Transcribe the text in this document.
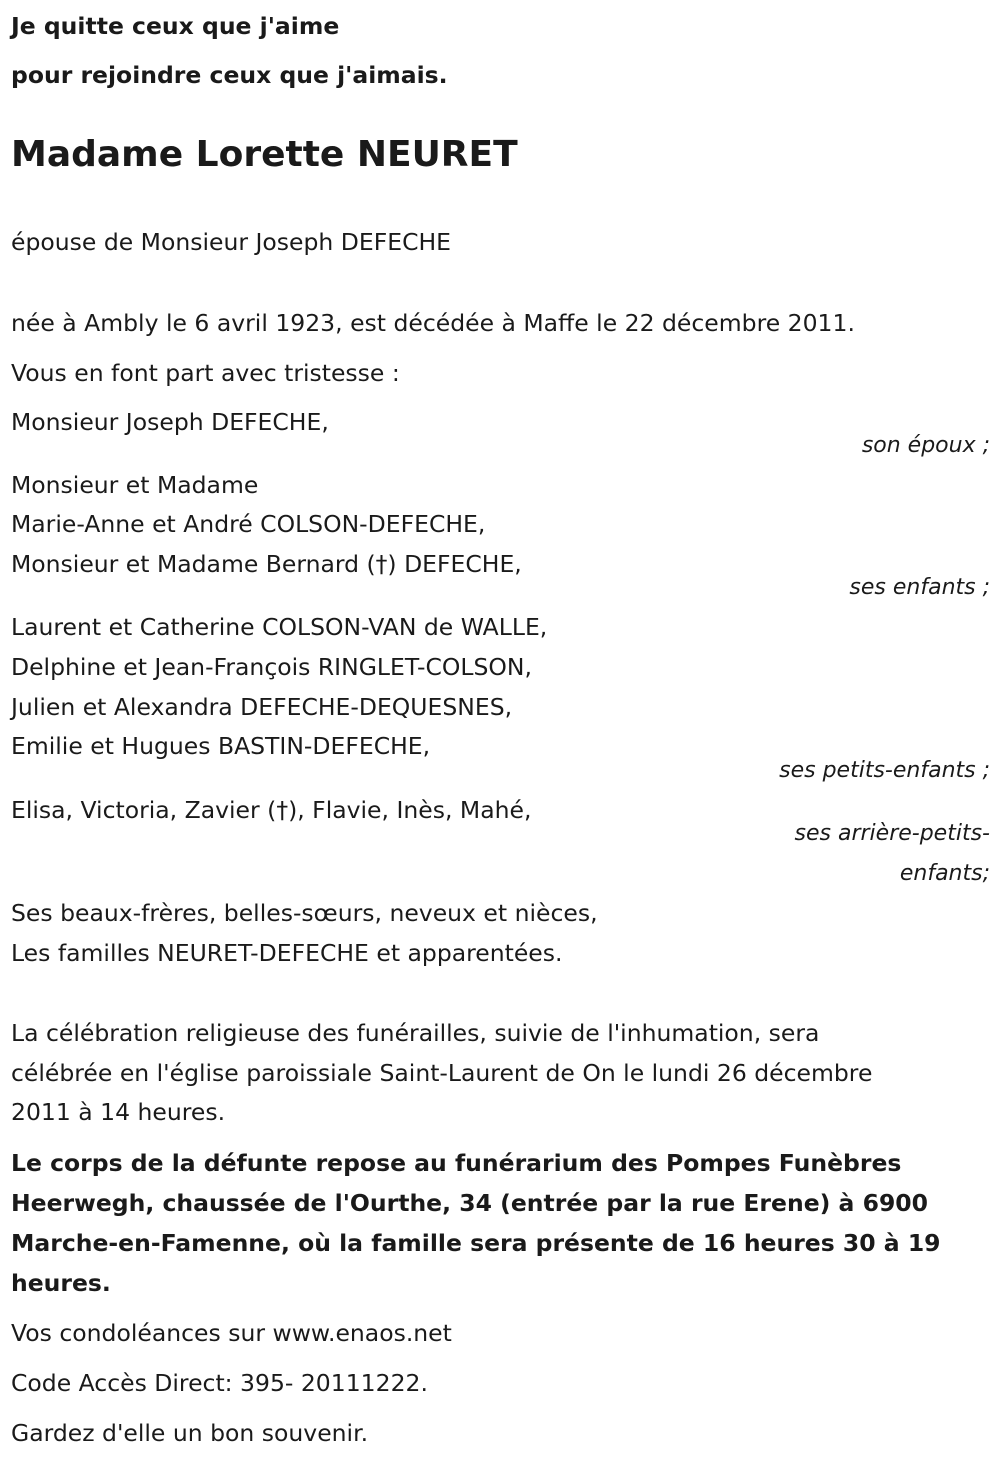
Je quitte ceux que j'aime
pour rejoindre ceux que j'aimais.
Madame Lorette NEURET
épouse de Monsieur Joseph DEFECHE
née à Ambly le 6 avril 1923, est décédée à Maffe le 22 décembre 2011.
Vous en font part avec tristesse :
Monsieur Joseph DEFECHE,
son époux ;
Monsieur et Madame
Marie-Anne et André COLSON-DEFECHE,
Monsieur et Madame Bernard (†) DEFECHE,
ses enfants ;
Laurent et Catherine COLSON-VAN de WALLE,
Delphine et Jean-François RINGLET-COLSON,
Julien et Alexandra DEFECHE-DEQUESNES,
Emilie et Hugues BASTIN-DEFECHE,
ses petits-enfants ;
Elisa, Victoria, Zavier (†), Flavie, Inès, Mahé,
ses arrière-petits-
enfants;
Ses beaux-frères, belles-sœurs, neveux et nièces,
Les familles NEURET-DEFECHE et apparentées.
La célébration religieuse des funérailles, suivie de l'inhumation, sera
célébrée en l'église paroissiale Saint-Laurent de On le lundi 26 décembre
2011 à 14 heures.
Le corps de la défunte repose au funérarium des Pompes Funèbres
Heerwegh, chaussée de l'Ourthe, 34 (entrée par la rue Erene) à 6900
Marche-en-Famenne, où la famille sera présente de 16 heures 30 à 19
heures.
Vos condoléances sur www.enaos.net
Code Accès Direct: 395- 20111222.
Gardez d'elle un bon souvenir.
